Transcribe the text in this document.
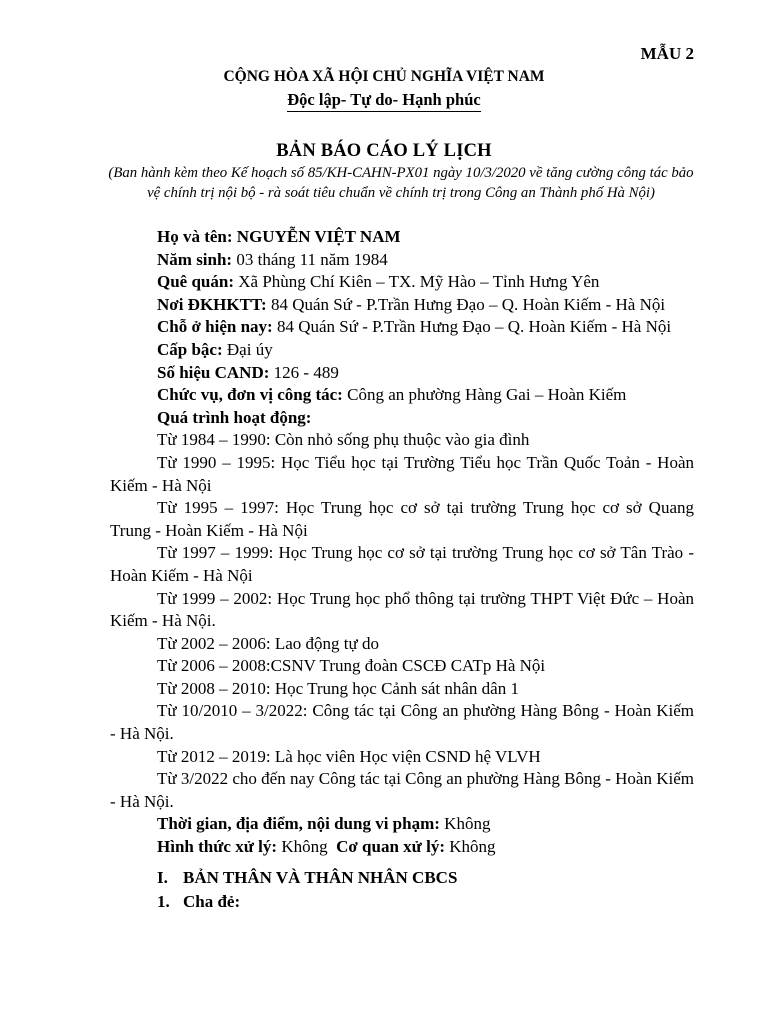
MẪU 2
CỘNG HÒA XÃ HỘI CHỦ NGHĨA VIỆT NAM
Độc lập- Tự do- Hạnh phúc
BẢN BÁO CÁO LÝ LỊCH
(Ban hành kèm theo Kế hoạch số 85/KH-CAHN-PX01 ngày 10/3/2020 về tăng cường công tác bảo vệ chính trị nội bộ - rà soát tiêu chuẩn về chính trị trong Công an Thành phố Hà Nội)

Họ và tên: NGUYỄN VIỆT NAM

Năm sinh: 03 tháng 11 năm 1984

Quê quán: Xã Phùng Chí Kiên – TX. Mỹ Hào – Tỉnh Hưng Yên

Nơi ĐKHKTT: 84 Quán Sứ - P.Trần Hưng Đạo – Q. Hoàn Kiếm - Hà Nội

Chỗ ở hiện nay: 84 Quán Sứ - P.Trần Hưng Đạo – Q. Hoàn Kiếm - Hà Nội

Cấp bậc: Đại úy

Số hiệu CAND: 126 - 489

Chức vụ, đơn vị công tác: Công an phường Hàng Gai – Hoàn Kiếm

Quá trình hoạt động:

Từ 1984 – 1990: Còn nhỏ sống phụ thuộc vào gia đình

Từ 1990 – 1995: Học Tiểu học tại Trường Tiểu học Trần Quốc Toản - Hoàn Kiếm - Hà Nội

Từ 1995 – 1997: Học Trung học cơ sở tại trường Trung học cơ sở Quang Trung - Hoàn Kiếm - Hà Nội

Từ 1997 – 1999: Học Trung học cơ sở tại trường Trung học cơ sở Tân Trào - Hoàn Kiếm - Hà Nội

Từ 1999 – 2002: Học Trung học phổ thông tại trường THPT Việt Đức – Hoàn Kiếm - Hà Nội.

Từ 2002 – 2006: Lao động tự do

Từ 2006 – 2008:CSNV Trung đoàn CSCĐ CATp Hà Nội

Từ 2008 – 2010: Học Trung học Cảnh sát nhân dân 1

Từ 10/2010 – 3/2022: Công tác tại Công an phường Hàng Bông - Hoàn Kiếm - Hà Nội.

Từ 2012 – 2019: Là học viên Học viện CSND hệ VLVH

Từ 3/2022 cho đến nay Công tác tại Công an phường Hàng Bông - Hoàn Kiếm - Hà Nội.

Thời gian, địa điểm, nội dung vi phạm: Không

Hình thức xử lý: Không Cơ quan xử lý: Không

I. BẢN THÂN VÀ THÂN NHÂN CBCS

1. Cha đẻ:
